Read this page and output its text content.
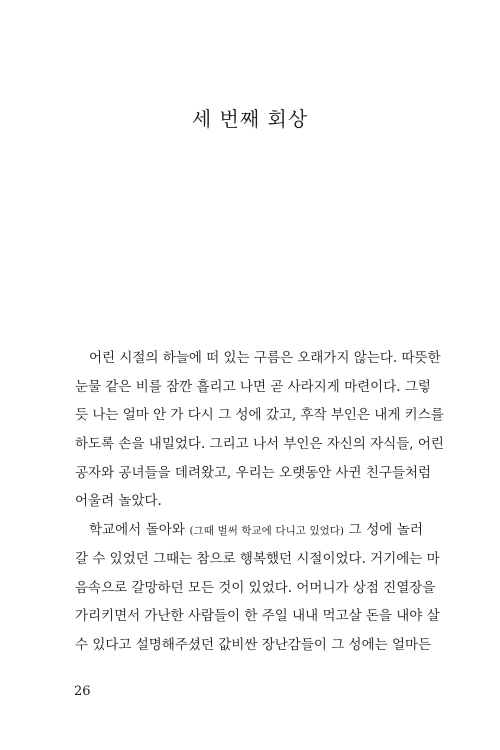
세 번째 회상
어린 시절의 하늘에 떠 있는 구름은 오래가지 않는다. 따뜻한
눈물 같은 비를 잠깐 흘리고 나면 곧 사라지게 마련이다. 그렇
듯 나는 얼마 안 가 다시 그 성에 갔고, 후작 부인은 내게 키스를
하도록 손을 내밀었다. 그리고 나서 부인은 자신의 자식들, 어린
공자와 공녀들을 데려왔고, 우리는 오랫동안 사귄 친구들처럼
어울려 놀았다.
학교에서 돌아와 (그때 벌써 학교에 다니고 있었다) 그 성에 놀러
갈 수 있었던 그때는 참으로 행복했던 시절이었다. 거기에는 마
음속으로 갈망하던 모든 것이 있었다. 어머니가 상점 진열장을
가리키면서 가난한 사람들이 한 주일 내내 먹고살 돈을 내야 살
수 있다고 설명해주셨던 값비싼 장난감들이 그 성에는 얼마든

26
